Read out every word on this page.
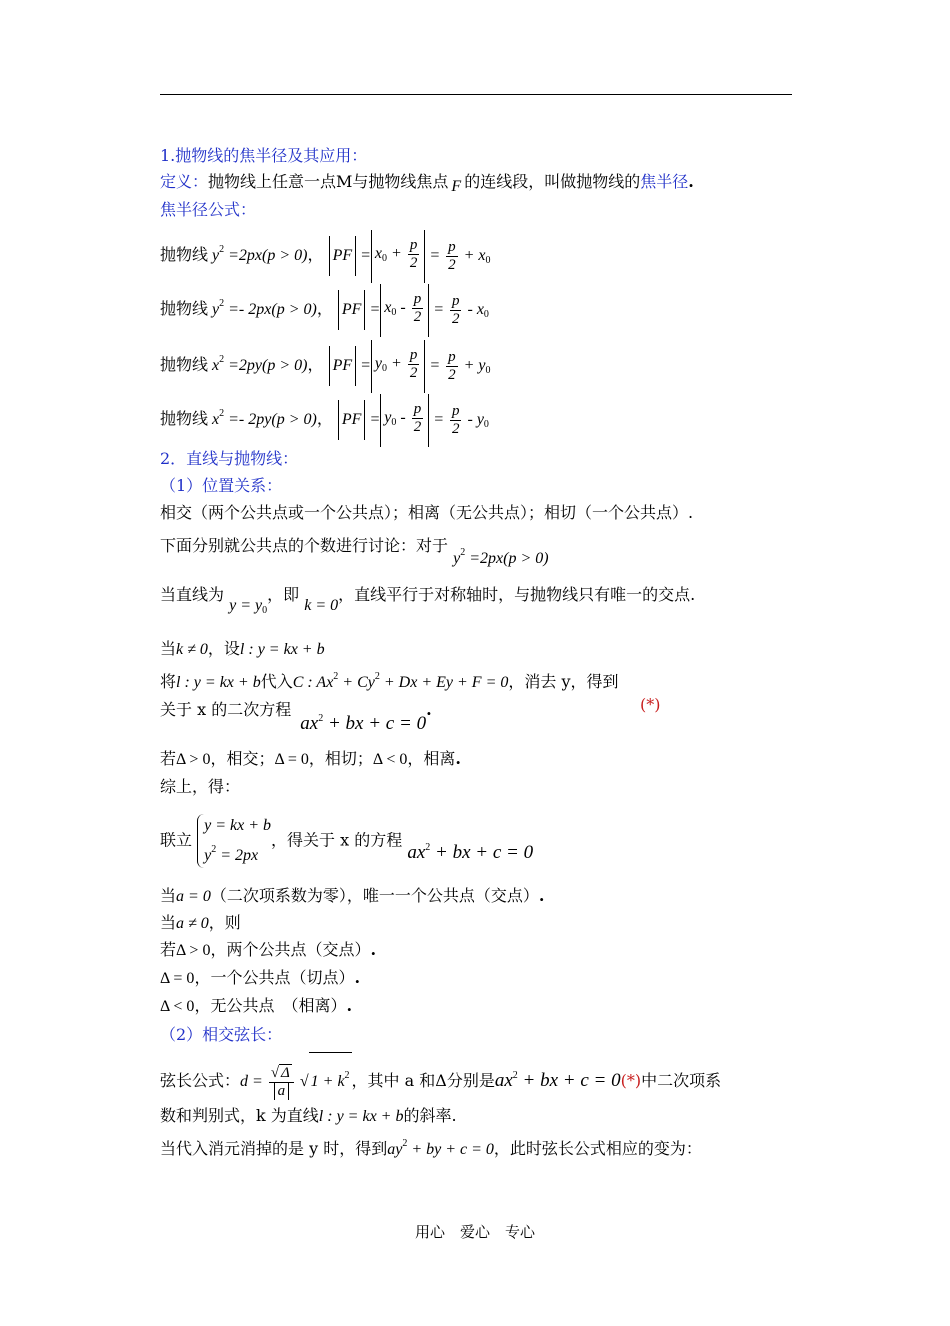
1.抛物线的焦半径及其应用：
定义：抛物线上任意一点M与抛物线焦点 F 的连线段，叫做抛物线的焦半径.
焦半径公式：
抛物线 $y^2 =2px(p > 0)$， PF = $x_0 + \frac{p}{2} = \frac{p}{2} + x_0$
抛物线 $y^2 =- 2px(p > 0)$， PF = $x_0 - \frac{p}{2} = \frac{p}{2} - x_0$
抛物线 $x^2 =2py(p > 0)$， PF = $y_0 + \frac{p}{2} = \frac{p}{2} + y_0$
抛物线 $x^2 =- 2py(p > 0)$， PF = $y_0 - \frac{p}{2} = \frac{p}{2} - y_0$
2．直线与抛物线：
（1）位置关系：
相交（两个公共点或一个公共点）；相离（无公共点）；相切（一个公共点）.
下面分别就公共点的个数进行讨论：对于 $y^2 =2px(p > 0)$
当直线为 $y = y_0$，即 k = 0，直线平行于对称轴时，与抛物线只有唯一的交点.
当k ≠ 0，设l : y = kx + b
将l : y = kx + b代入C : $Ax^2 + Cy^2 + Dx + Ey + F = 0$，消去 y，得到
关于 x 的二次方程 $ax^2$ + bx + c = 0.	(*)
若Δ > 0，相交；Δ = 0，相切；Δ < 0，相离.
综上，得：
联立
y = kx + b
$y^2 = 2px$
，得关于 x 的方程 $ax^2$ + bx + c = 0
当a = 0（二次项系数为零），唯一一个公共点（交点）.
当a ≠ 0，则
若Δ > 0，两个公共点（交点）.
Δ = 0，一个公共点（切点）.
Δ < 0，无公共点　（相离）.
（2）相交弦长：
弦长公式：$d = \frac{√ \Delta}{a}$ √ $1 + k^2$ ，其中 a 和Δ分别是$ax^2$ + bx + c = 0(*)中二次项系
数和判别式，k 为直线l : y = kx + b的斜率.
当代入消元消掉的是 y 时，得到$ay^2$ + by + c = 0，此时弦长公式相应的变为：
用心　爱心　专心
